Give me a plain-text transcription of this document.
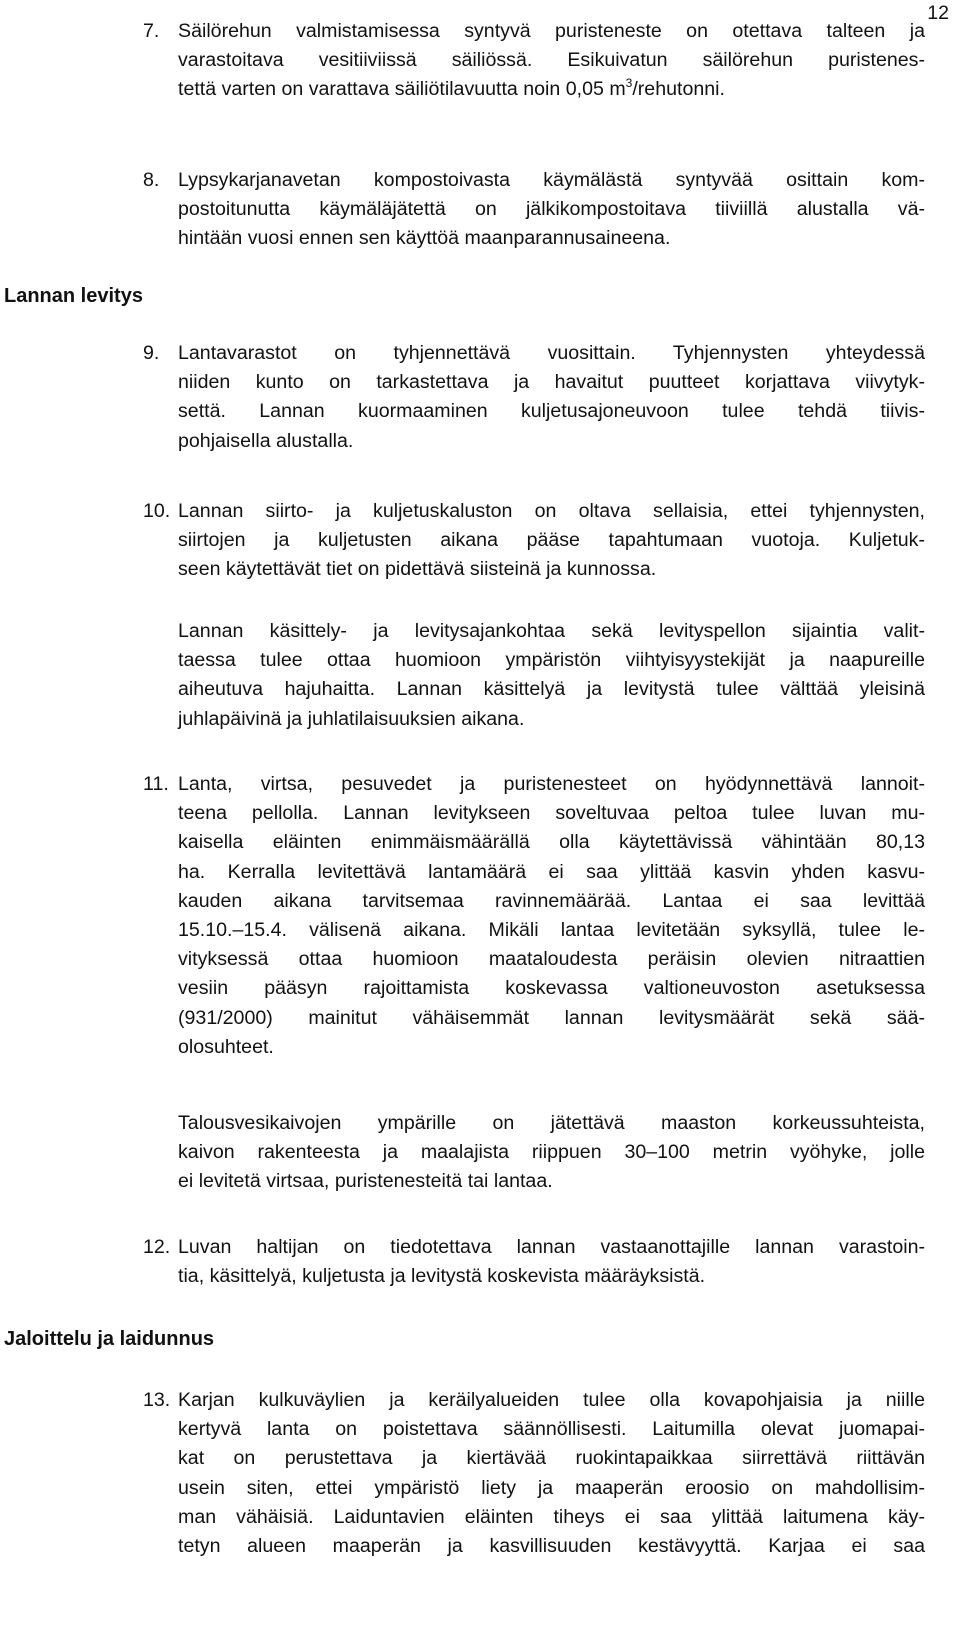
12
7. Säilörehun valmistamisessa syntyvä puristeneste on otettava talteen ja
varastoitava vesitiiviissä säiliössä. Esikuivatun säilörehun puristenes-
tettä varten on varattava säiliötilavuutta noin 0,05 $m^3$/rehutonni.
8. Lypsykarjanavetan kompostoivasta käymälästä syntyvää osittain kom-
postoitunutta käymäläjätettä on jälkikompostoitava tiiviillä alustalla vä-
hintään vuosi ennen sen käyttöä maanparannusaineena.
Lannan levitys
9. Lantavarastot on tyhjennettävä vuosittain. Tyhjennysten yhteydessä
niiden kunto on tarkastettava ja havaitut puutteet korjattava viivytyk-
settä. Lannan kuormaaminen kuljetusajoneuvoon tulee tehdä tiivis-
pohjaisella alustalla.
10. Lannan siirto- ja kuljetuskaluston on oltava sellaisia, ettei tyhjennysten,
siirtojen ja kuljetusten aikana pääse tapahtumaan vuotoja. Kuljetuk-
seen käytettävät tiet on pidettävä siisteinä ja kunnossa.
Lannan käsittely- ja levitysajankohtaa sekä levityspellon sijaintia valit-
taessa tulee ottaa huomioon ympäristön viihtyisyystekijät ja naapureille
aiheutuva hajuhaitta. Lannan käsittelyä ja levitystä tulee välttää yleisinä
juhlapäivinä ja juhlatilaisuuksien aikana.
11. Lanta, virtsa, pesuvedet ja puristenesteet on hyödynnettävä lannoit-
teena pellolla. Lannan levitykseen soveltuvaa peltoa tulee luvan mu-
kaisella eläinten enimmäismäärällä olla käytettävissä vähintään 80,13
ha. Kerralla levitettävä lantamäärä ei saa ylittää kasvin yhden kasvu-
kauden aikana tarvitsemaa ravinnemäärää. Lantaa ei saa levittää
15.10.–15.4. välisenä aikana. Mikäli lantaa levitetään syksyllä, tulee le-
vityksessä ottaa huomioon maataloudesta peräisin olevien nitraattien
vesiin pääsyn rajoittamista koskevassa valtioneuvoston asetuksessa
(931/2000) mainitut vähäisemmät lannan levitysmäärät sekä sää-
olosuhteet.
Talousvesikaivojen ympärille on jätettävä maaston korkeussuhteista,
kaivon rakenteesta ja maalajista riippuen 30–100 metrin vyöhyke, jolle
ei levitetä virtsaa, puristenesteitä tai lantaa.
12. Luvan haltijan on tiedotettava lannan vastaanottajille lannan varastoin-
tia, käsittelyä, kuljetusta ja levitystä koskevista määräyksistä.
Jaloittelu ja laidunnus
13. Karjan kulkuväylien ja keräilyalueiden tulee olla kovapohjaisia ja niille
kertyvä lanta on poistettava säännöllisesti. Laitumilla olevat juomapai-
kat on perustettava ja kiertävää ruokintapaikkaa siirrettävä riittävän
usein siten, ettei ympäristö liety ja maaperän eroosio on mahdollisim-
man vähäisiä. Laiduntavien eläinten tiheys ei saa ylittää laitumena käy-
tetyn alueen maaperän ja kasvillisuuden kestävyyttä. Karjaa ei saa
